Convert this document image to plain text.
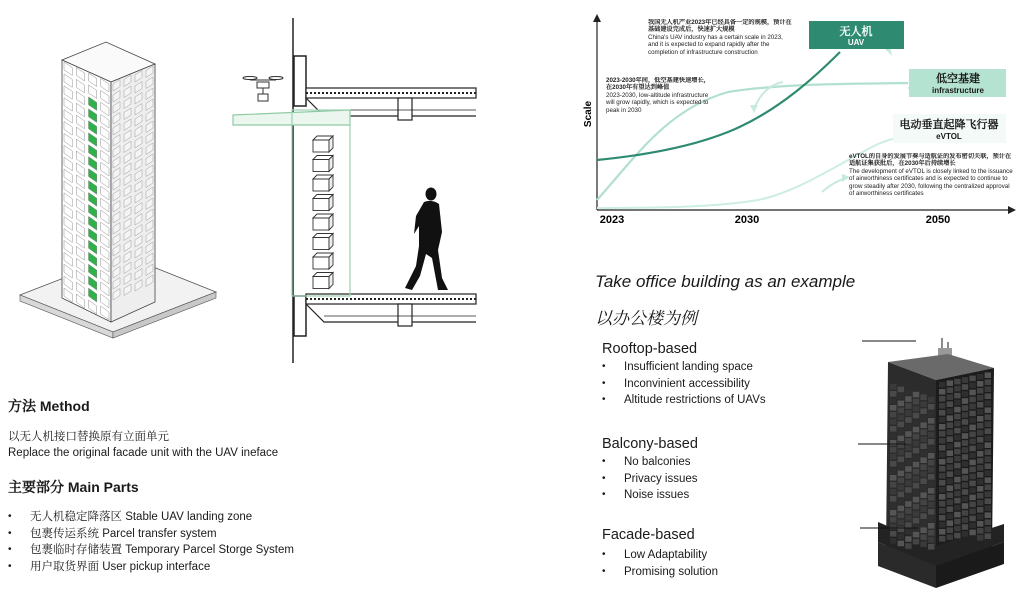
Scale
2023	2030	2050
无人机
UAV
低空基建
infrastructure
电动垂直起降飞行器
eVTOL
我国无人机产业2023年已经具备一定的规模，预计在基础建设完成后，快速扩大规模
China's UAV industry has a certain scale in 2023, and it is expected to expand rapidly after the completion of infrastructure construction
2023-2030年间，低空基建快速增长，在2030年有望达到峰值
2023-2030, low-altitude infrastructure will grow rapidly, which is expected to peak in 2030
eVTOL的自身的发展节奏与适航证的发布密切关联，预计在适航证集获批后，在2030年后持续增长
The development of eVTOL is closely linked to the issuance of airworthiness certificates and is expected to continue to grow steadily after 2030, following the centralized approval of airworthiness certificates
方法 Method
以无人机接口替换原有立面单元
Replace the original facade unit with the UAV ineface
主要部分 Main Parts
• 无人机稳定降落区 Stable UAV landing zone
• 包裹传运系统 Parcel transfer system
• 包裹临时存储装置 Temporary Parcel Storge System
• 用户取货界面 User pickup interface
Take office building as an example
以办公楼为例
Rooftop-based
• Insufficient landing space
• Inconvinient accessibility
• Altitude restrictions of UAVs
Balcony-based
• No balconies
• Privacy issues
• Noise issues
Facade-based
• Low Adaptability
• Promising solution
